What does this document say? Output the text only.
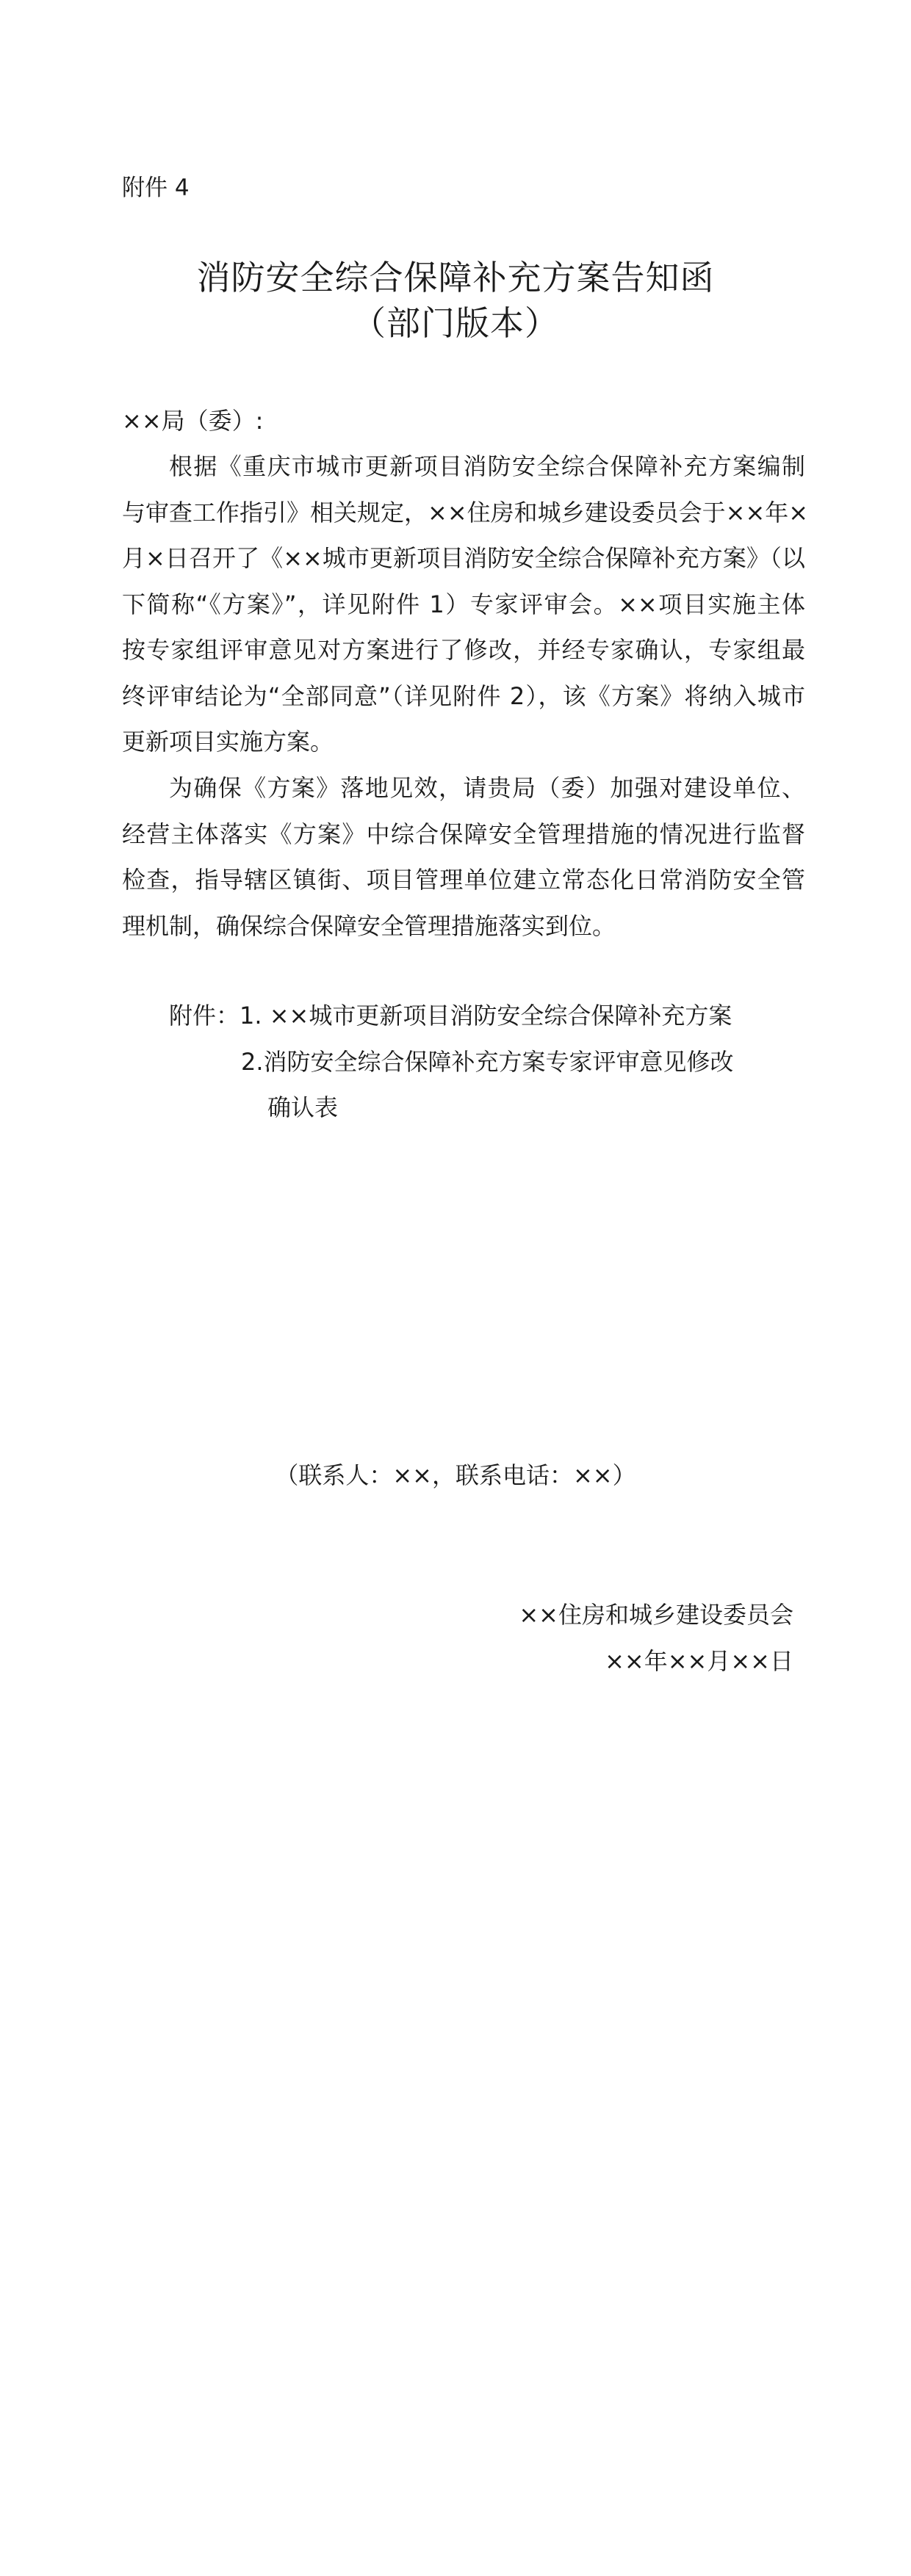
附件 4
消防安全综合保障补充方案告知函
（部门版本）
××局（委）:
根据《重庆市城市更新项目消防安全综合保障补充方案编制
与审查工作指引》相关规定，××住房和城乡建设委员会于××年×
月×日召开了《××城市更新项目消防安全综合保障补充方案》（以
下简称“《方案》”，详见附件 1）专家评审会。××项目实施主体
按专家组评审意见对方案进行了修改，并经专家确认，专家组最
终评审结论为“全部同意”（详见附件 2），该《方案》将纳入城市
更新项目实施方案。
为确保《方案》落地见效，请贵局（委）加强对建设单位、
经营主体落实《方案》中综合保障安全管理措施的情况进行监督
检查，指导辖区镇街、项目管理单位建立常态化日常消防安全管
理机制，确保综合保障安全管理措施落实到位。
附件：1. ××城市更新项目消防安全综合保障补充方案
2.消防安全综合保障补充方案专家评审意见修改
确认表
（联系人：××，联系电话：××）
××住房和城乡建设委员会
××年××月××日
